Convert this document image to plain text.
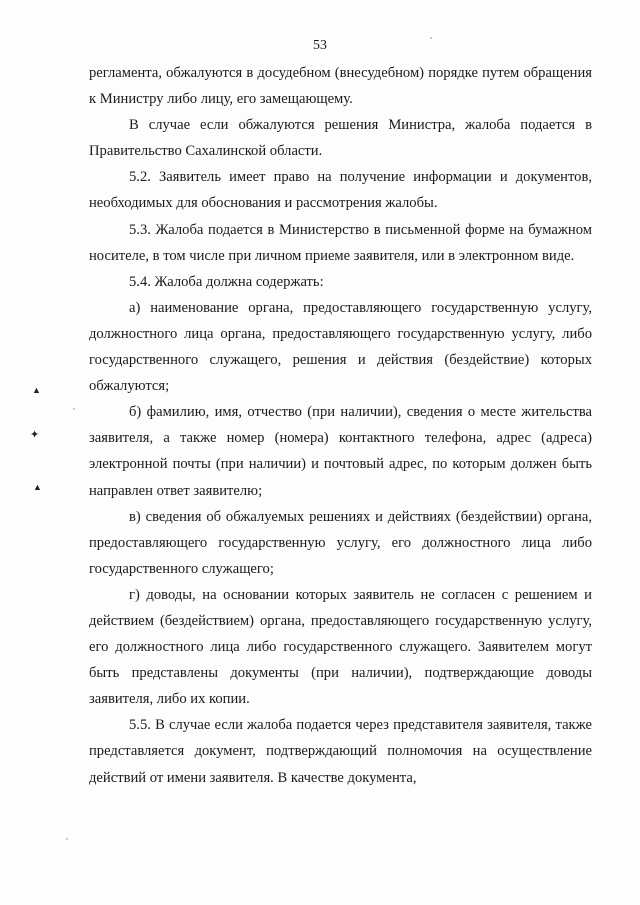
53
▲
✦
▲

регламента, обжалуются в досудебном (внесудебном) порядке путем обращения к Министру либо лицу, его замещающему.

В случае если обжалуются решения Министра, жалоба подается в Правительство Сахалинской области.

5.2. Заявитель имеет право на получение информации и документов, необходимых для обоснования и рассмотрения жалобы.

5.3. Жалоба подается в Министерство в письменной форме на бумажном носителе, в том числе при личном приеме заявителя, или в электронном виде.

5.4. Жалоба должна содержать:

а) наименование органа, предоставляющего государственную услугу, должностного лица органа, предоставляющего государственную услугу, либо государственного служащего, решения и действия (бездействие) которых обжалуются;

б) фамилию, имя, отчество (при наличии), сведения о месте жительства заявителя, а также номер (номера) контактного телефона, адрес (адреса) электронной почты (при наличии) и почтовый адрес, по которым должен быть направлен ответ заявителю;

в) сведения об обжалуемых решениях и действиях (бездействии) органа, предоставляющего государственную услугу, его должностного лица либо государственного служащего;

г) доводы, на основании которых заявитель не согласен с решением и действием (бездействием) органа, предоставляющего государственную услугу, его должностного лица либо государственного служащего. Заявителем могут быть представлены документы (при наличии), подтверждающие доводы заявителя, либо их копии.

5.5. В случае если жалоба подается через представителя заявителя, также представляется документ, подтверждающий полномочия на осуществление действий от имени заявителя. В качестве документа,
